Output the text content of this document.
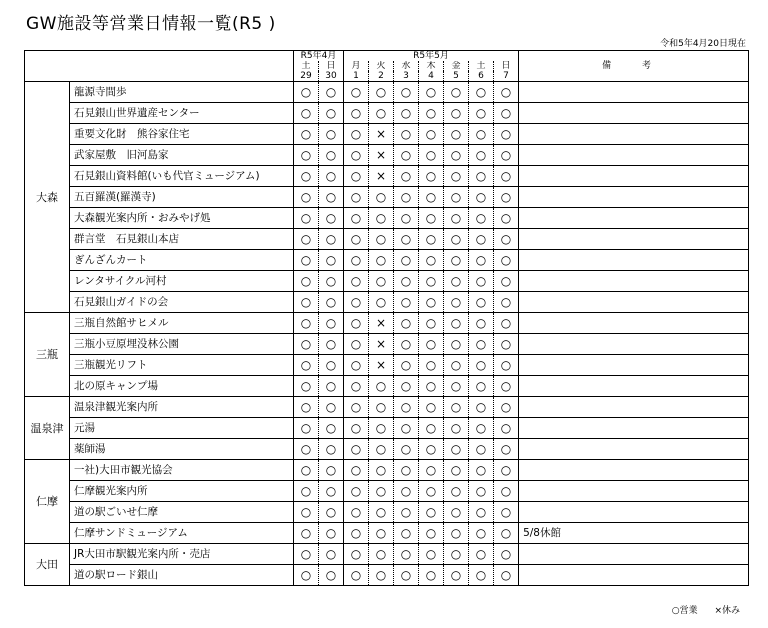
GW施設等営業日情報一覧(R5 )
令和5年4月20日現在
		R5年4月		R5年5月							備 考
		土	日	月	火	水	木	金	土	日	
		29	30	1	2	3	4	5	6	7	
大森	龍源寺間歩	○	○	○	○	○	○	○	○	○	
	石見銀山世界遺産センター	○	○	○	○	○	○	○	○	○	
	重要文化財　熊谷家住宅	○	○	○	×	○	○	○	○	○	
	武家屋敷　旧河島家	○	○	○	×	○	○	○	○	○	
	石見銀山資料館(いも代官ミュージアム)	○	○	○	×	○	○	○	○	○	
	五百羅漢(羅漢寺)	○	○	○	○	○	○	○	○	○	
	大森観光案内所・おみやげ処	○	○	○	○	○	○	○	○	○	
	群言堂　石見銀山本店	○	○	○	○	○	○	○	○	○	
	ぎんざんカート	○	○	○	○	○	○	○	○	○	
	レンタサイクル河村	○	○	○	○	○	○	○	○	○	
	石見銀山ガイドの会	○	○	○	○	○	○	○	○	○	
三瓶	三瓶自然館サヒメル	○	○	○	×	○	○	○	○	○	
	三瓶小豆原埋没林公園	○	○	○	×	○	○	○	○	○	
	三瓶観光リフト	○	○	○	×	○	○	○	○	○	
	北の原キャンプ場	○	○	○	○	○	○	○	○	○	
温泉津	温泉津観光案内所	○	○	○	○	○	○	○	○	○	
	元湯	○	○	○	○	○	○	○	○	○	
	薬師湯	○	○	○	○	○	○	○	○	○	
仁摩	一社)大田市観光協会	○	○	○	○	○	○	○	○	○	
	仁摩観光案内所	○	○	○	○	○	○	○	○	○	
	道の駅ごいせ仁摩	○	○	○	○	○	○	○	○	○	
	仁摩サンドミュージアム	○	○	○	○	○	○	○	○	○	5/8休館
大田	JR大田市駅観光案内所・売店	○	○	○	○	○	○	○	○	○	
	道の駅ロード銀山	○	○	○	○	○	○	○	○	○	
○営業 ×休み
